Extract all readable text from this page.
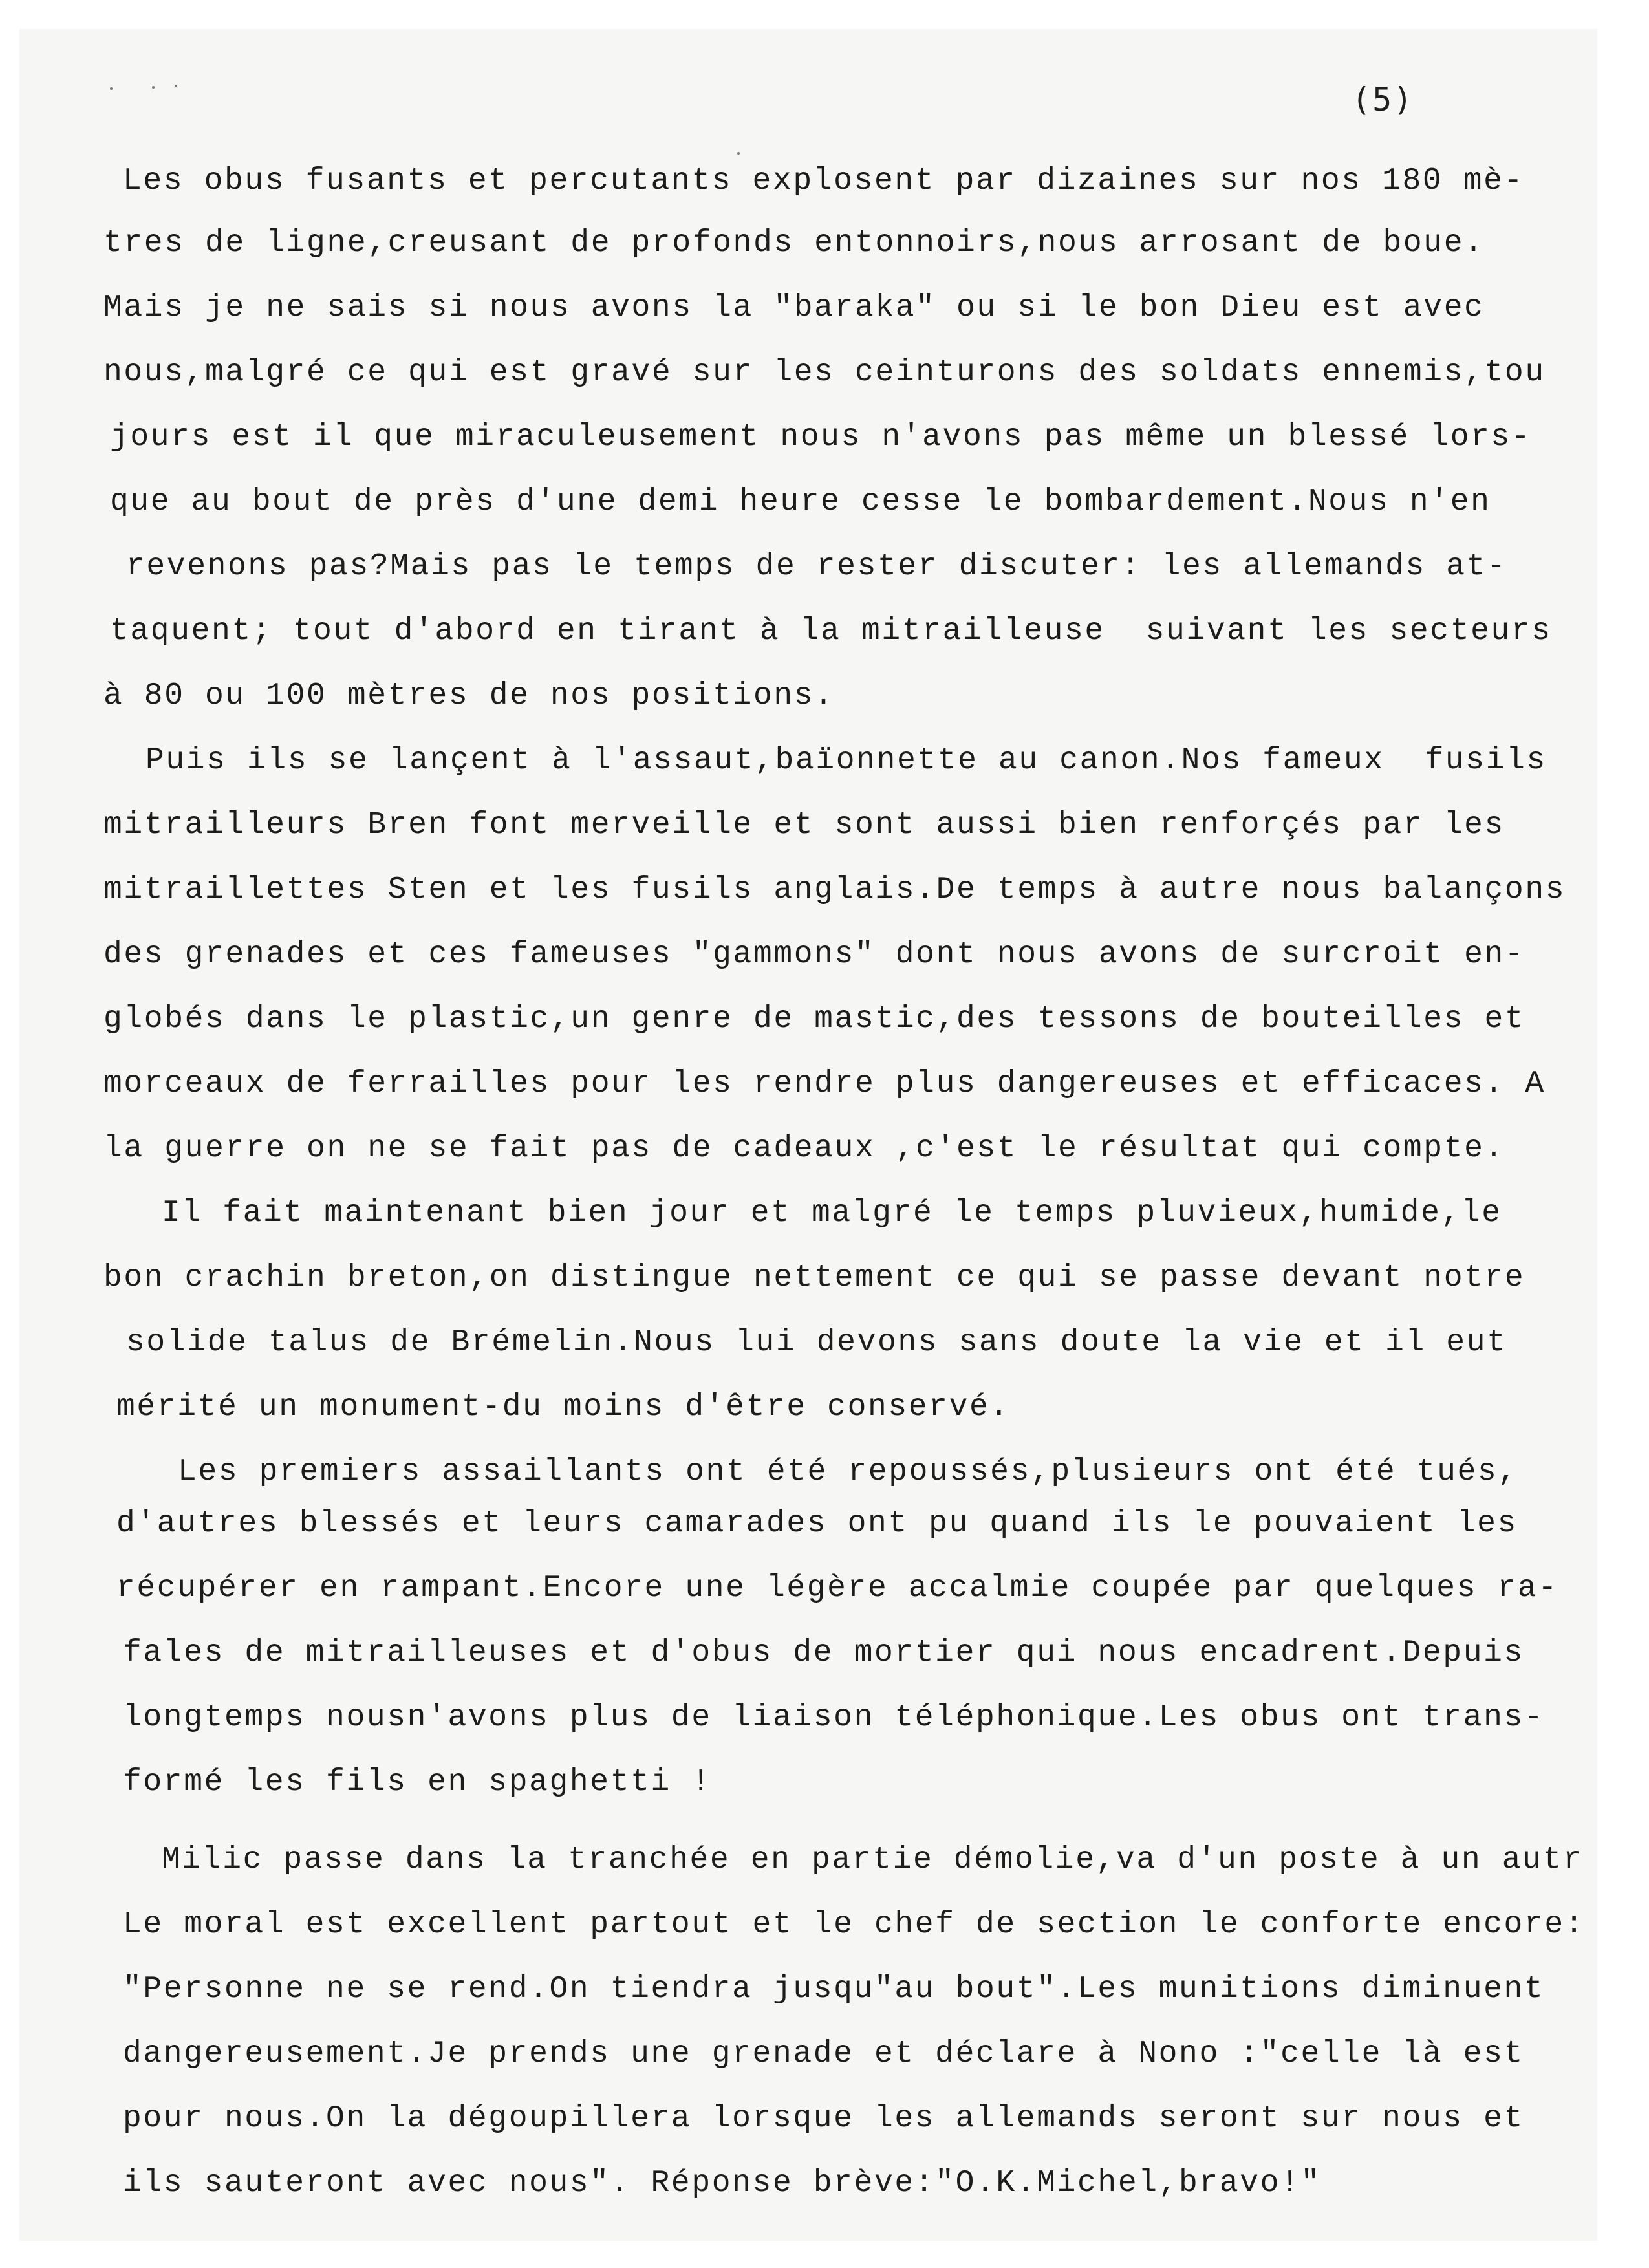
(5)
Les obus fusants et percutants explosent par dizaines sur nos 180 mè-
tres de ligne,creusant de profonds entonnoirs,nous arrosant de boue.
Mais je ne sais si nous avons la "baraka" ou si le bon Dieu est avec
nous,malgré ce qui est gravé sur les ceinturons des soldats ennemis,tou
jours est il que miraculeusement nous n'avons pas même un blessé lors-
que au bout de près d'une demi heure cesse le bombardement.Nous n'en
revenons pas?Mais pas le temps de rester discuter: les allemands at-
taquent; tout d'abord en tirant à la mitrailleuse  suivant les secteurs
à 80 ou 100 mètres de nos positions.
Puis ils se lançent à l'assaut,baïonnette au canon.Nos fameux  fusils
mitrailleurs Bren font merveille et sont aussi bien renforçés par les
mitraillettes Sten et les fusils anglais.De temps à autre nous balançons
des grenades et ces fameuses "gammons" dont nous avons de surcroit en-
globés dans le plastic,un genre de mastic,des tessons de bouteilles et
morceaux de ferrailles pour les rendre plus dangereuses et efficaces. A
la guerre on ne se fait pas de cadeaux ,c'est le résultat qui compte.
Il fait maintenant bien jour et malgré le temps pluvieux,humide,le
bon crachin breton,on distingue nettement ce qui se passe devant notre
solide talus de Brémelin.Nous lui devons sans doute la vie et il eut
mérité un monument-du moins d'être conservé.
Les premiers assaillants ont été repoussés,plusieurs ont été tués,
d'autres blessés et leurs camarades ont pu quand ils le pouvaient les
récupérer en rampant.Encore une légère accalmie coupée par quelques ra-
fales de mitrailleuses et d'obus de mortier qui nous encadrent.Depuis
longtemps nousn'avons plus de liaison téléphonique.Les obus ont trans-
formé les fils en spaghetti !
Milic passe dans la tranchée en partie démolie,va d'un poste à un autr
Le moral est excellent partout et le chef de section le conforte encore:
"Personne ne se rend.On tiendra jusqu"au bout".Les munitions diminuent
dangereusement.Je prends une grenade et déclare à Nono :"celle là est
pour nous.On la dégoupillera lorsque les allemands seront sur nous et
ils sauteront avec nous". Réponse brève:"O.K.Michel,bravo!"
